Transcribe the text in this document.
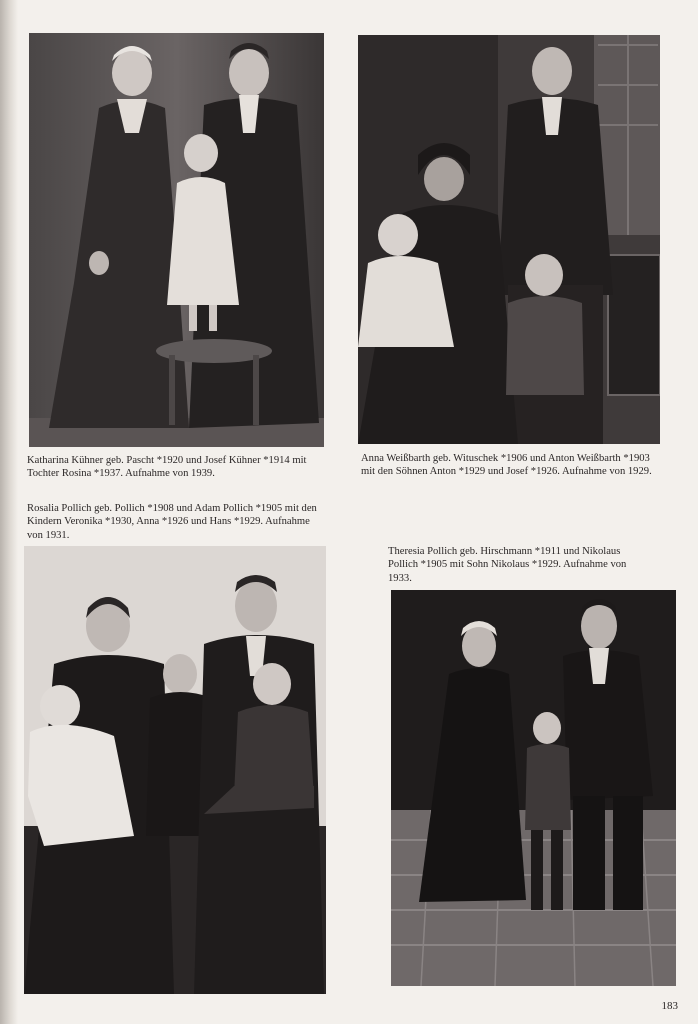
Katharina Kühner geb. Pascht *1920 und Josef Kühner *1914 mit Tochter Rosina *1937. Aufnahme von 1939.

Anna Weißbarth geb. Wituschek *1906 und Anton Weißbarth *1903 mit den Söhnen Anton *1929 und Josef *1926. Aufnahme von 1929.

Rosalia Pollich geb. Pollich *1908 und Adam Pollich *1905 mit den Kindern Veronika *1930, Anna *1926 und Hans *1929. Aufnahme von 1931.

Theresia Pollich geb. Hirschmann *1911 und Nikolaus Pollich *1905 mit Sohn Nikolaus *1929. Aufnahme von 1933.

183
